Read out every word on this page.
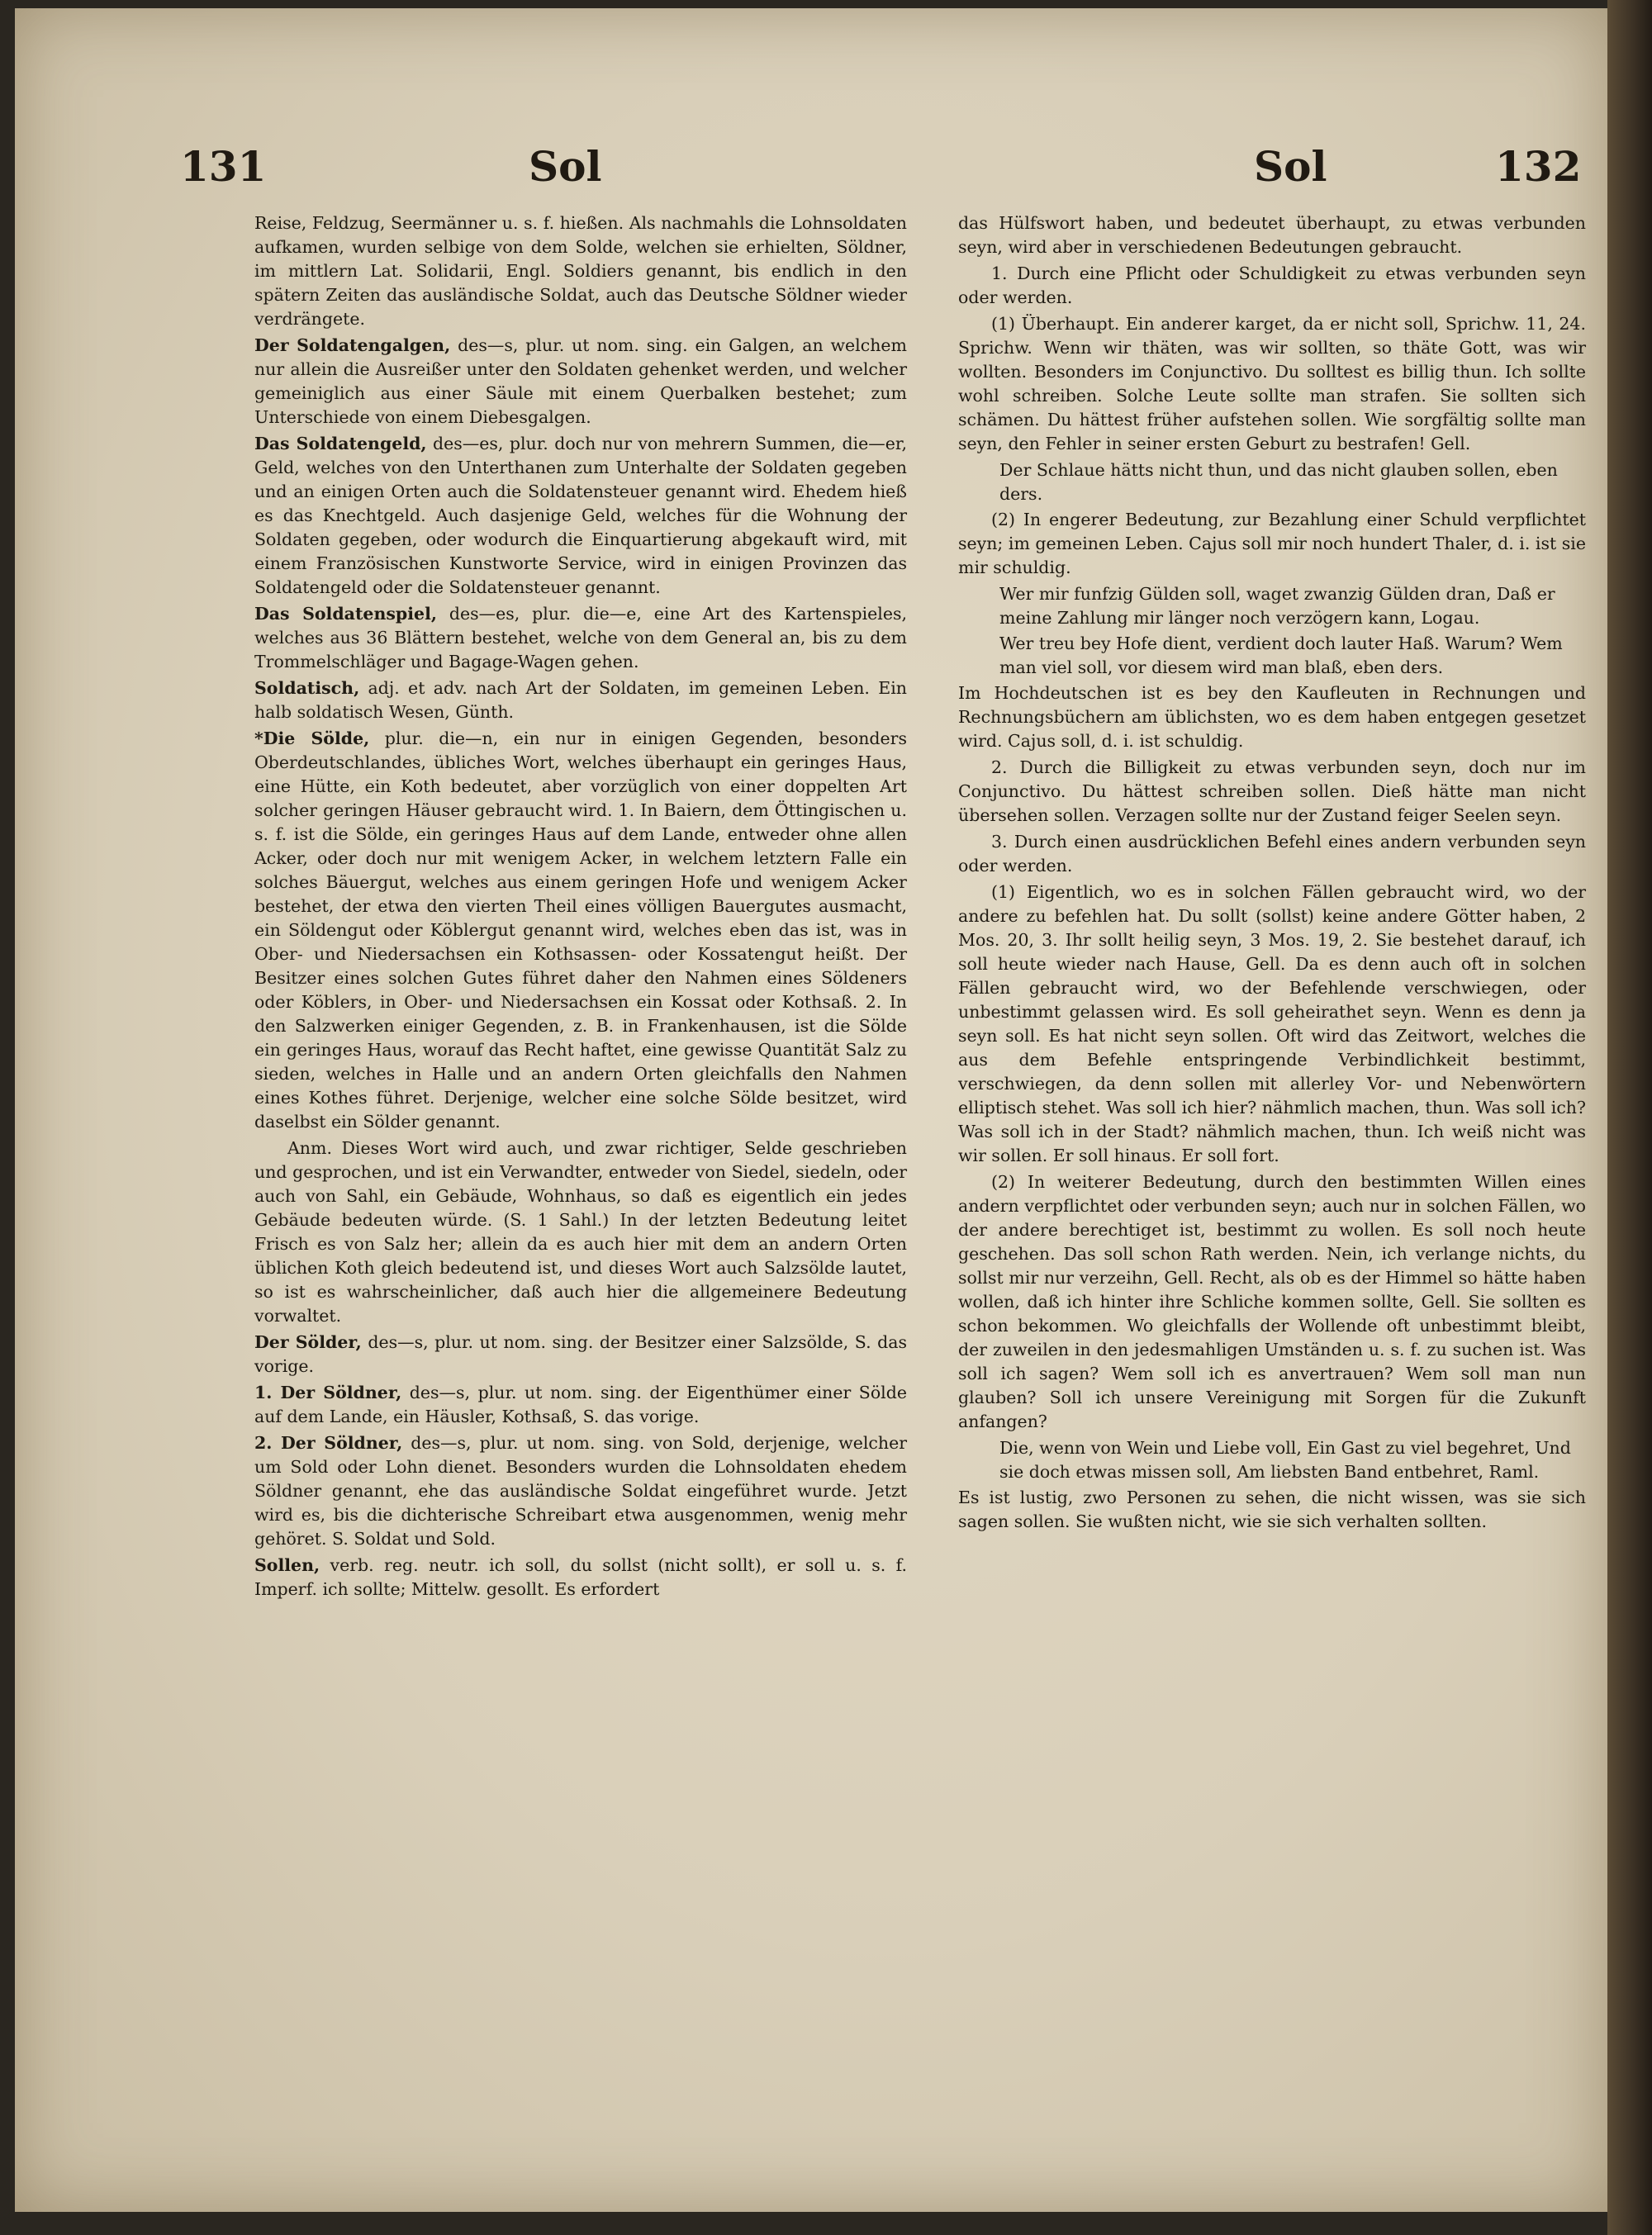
131	Sol	Sol	132

Reise, Feldzug, Seermänner u. s. f. hießen. Als nachmahls die Lohnsoldaten aufkamen, wurden selbige von dem Solde, welchen sie erhielten, Söldner, im mittlern Lat. Solidarii, Engl. Soldiers genannt, bis endlich in den spätern Zeiten das ausländische Soldat, auch das Deutsche Söldner wieder verdrängete.

Der Soldatengalgen, des—s, plur. ut nom. sing. ein Galgen, an welchem nur allein die Ausreißer unter den Soldaten gehenket werden, und welcher gemeiniglich aus einer Säule mit einem Querbalken bestehet; zum Unterschiede von einem Diebesgalgen.

Das Soldatengeld, des—es, plur. doch nur von mehrern Summen, die—er, Geld, welches von den Unterthanen zum Unterhalte der Soldaten gegeben und an einigen Orten auch die Soldatensteuer genannt wird. Ehedem hieß es das Knechtgeld. Auch dasjenige Geld, welches für die Wohnung der Soldaten gegeben, oder wodurch die Einquartierung abgekauft wird, mit einem Französischen Kunstworte Service, wird in einigen Provinzen das Soldatengeld oder die Soldatensteuer genannt.

Das Soldatenspiel, des—es, plur. die—e, eine Art des Kartenspieles, welches aus 36 Blättern bestehet, welche von dem General an, bis zu dem Trommelschläger und Bagage-Wagen gehen.

Soldatisch, adj. et adv. nach Art der Soldaten, im gemeinen Leben. Ein halb soldatisch Wesen, Günth.

*Die Sölde, plur. die—n, ein nur in einigen Gegenden, besonders Oberdeutschlandes, übliches Wort, welches überhaupt ein geringes Haus, eine Hütte, ein Koth bedeutet, aber vorzüglich von einer doppelten Art solcher geringen Häuser gebraucht wird. 1. In Baiern, dem Öttingischen u. s. f. ist die Sölde, ein geringes Haus auf dem Lande, entweder ohne allen Acker, oder doch nur mit wenigem Acker, in welchem letztern Falle ein solches Bäuergut, welches aus einem geringen Hofe und wenigem Acker bestehet, der etwa den vierten Theil eines völligen Bauergutes ausmacht, ein Söldengut oder Köblergut genannt wird, welches eben das ist, was in Ober- und Niedersachsen ein Kothsassen- oder Kossatengut heißt. Der Besitzer eines solchen Gutes führet daher den Nahmen eines Söldeners oder Köblers, in Ober- und Niedersachsen ein Kossat oder Kothsaß. 2. In den Salzwerken einiger Gegenden, z. B. in Frankenhausen, ist die Sölde ein geringes Haus, worauf das Recht haftet, eine gewisse Quantität Salz zu sieden, welches in Halle und an andern Orten gleichfalls den Nahmen eines Kothes führet. Derjenige, welcher eine solche Sölde besitzet, wird daselbst ein Sölder genannt.

Anm. Dieses Wort wird auch, und zwar richtiger, Selde geschrieben und gesprochen, und ist ein Verwandter, entweder von Siedel, siedeln, oder auch von Sahl, ein Gebäude, Wohnhaus, so daß es eigentlich ein jedes Gebäude bedeuten würde. (S. 1 Sahl.) In der letzten Bedeutung leitet Frisch es von Salz her; allein da es auch hier mit dem an andern Orten üblichen Koth gleich bedeutend ist, und dieses Wort auch Salzsölde lautet, so ist es wahrscheinlicher, daß auch hier die allgemeinere Bedeutung vorwaltet.

Der Sölder, des—s, plur. ut nom. sing. der Besitzer einer Salzsölde, S. das vorige.

1. Der Söldner, des—s, plur. ut nom. sing. der Eigenthümer einer Sölde auf dem Lande, ein Häusler, Kothsaß, S. das vorige.

2. Der Söldner, des—s, plur. ut nom. sing. von Sold, derjenige, welcher um Sold oder Lohn dienet. Besonders wurden die Lohnsoldaten ehedem Söldner genannt, ehe das ausländische Soldat eingeführet wurde. Jetzt wird es, bis die dichterische Schreibart etwa ausgenommen, wenig mehr gehöret. S. Soldat und Sold.

Sollen, verb. reg. neutr. ich soll, du sollst (nicht sollt), er soll u. s. f. Imperf. ich sollte; Mittelw. gesollt. Es erfordert

das Hülfswort haben, und bedeutet überhaupt, zu etwas verbunden seyn, wird aber in verschiedenen Bedeutungen gebraucht.

1. Durch eine Pflicht oder Schuldigkeit zu etwas verbunden seyn oder werden.

(1) Überhaupt. Ein anderer karget, da er nicht soll, Sprichw. 11, 24. Sprichw. Wenn wir thäten, was wir sollten, so thäte Gott, was wir wollten. Besonders im Conjunctivo. Du solltest es billig thun. Ich sollte wohl schreiben. Solche Leute sollte man strafen. Sie sollten sich schämen. Du hättest früher aufstehen sollen. Wie sorgfältig sollte man seyn, den Fehler in seiner ersten Geburt zu bestrafen! Gell.

Der Schlaue hätts nicht thun, und das nicht glauben sollen, eben ders.

(2) In engerer Bedeutung, zur Bezahlung einer Schuld verpflichtet seyn; im gemeinen Leben. Cajus soll mir noch hundert Thaler, d. i. ist sie mir schuldig.

Wer mir funfzig Gülden soll, waget zwanzig Gülden dran, Daß er meine Zahlung mir länger noch verzögern kann, Logau.

Wer treu bey Hofe dient, verdient doch lauter Haß. Warum? Wem man viel soll, vor diesem wird man blaß, eben ders.

Im Hochdeutschen ist es bey den Kaufleuten in Rechnungen und Rechnungsbüchern am üblichsten, wo es dem haben entgegen gesetzet wird. Cajus soll, d. i. ist schuldig.

2. Durch die Billigkeit zu etwas verbunden seyn, doch nur im Conjunctivo. Du hättest schreiben sollen. Dieß hätte man nicht übersehen sollen. Verzagen sollte nur der Zustand feiger Seelen seyn.

3. Durch einen ausdrücklichen Befehl eines andern verbunden seyn oder werden.

(1) Eigentlich, wo es in solchen Fällen gebraucht wird, wo der andere zu befehlen hat. Du sollt (sollst) keine andere Götter haben, 2 Mos. 20, 3. Ihr sollt heilig seyn, 3 Mos. 19, 2. Sie bestehet darauf, ich soll heute wieder nach Hause, Gell. Da es denn auch oft in solchen Fällen gebraucht wird, wo der Befehlende verschwiegen, oder unbestimmt gelassen wird. Es soll geheirathet seyn. Wenn es denn ja seyn soll. Es hat nicht seyn sollen. Oft wird das Zeitwort, welches die aus dem Befehle entspringende Verbindlichkeit bestimmt, verschwiegen, da denn sollen mit allerley Vor- und Nebenwörtern elliptisch stehet. Was soll ich hier? nähmlich machen, thun. Was soll ich? Was soll ich in der Stadt? nähmlich machen, thun. Ich weiß nicht was wir sollen. Er soll hinaus. Er soll fort.

(2) In weiterer Bedeutung, durch den bestimmten Willen eines andern verpflichtet oder verbunden seyn; auch nur in solchen Fällen, wo der andere berechtiget ist, bestimmt zu wollen. Es soll noch heute geschehen. Das soll schon Rath werden. Nein, ich verlange nichts, du sollst mir nur verzeihn, Gell. Recht, als ob es der Himmel so hätte haben wollen, daß ich hinter ihre Schliche kommen sollte, Gell. Sie sollten es schon bekommen. Wo gleichfalls der Wollende oft unbestimmt bleibt, der zuweilen in den jedesmahligen Umständen u. s. f. zu suchen ist. Was soll ich sagen? Wem soll ich es anvertrauen? Wem soll man nun glauben? Soll ich unsere Vereinigung mit Sorgen für die Zukunft anfangen?

Die, wenn von Wein und Liebe voll, Ein Gast zu viel begehret, Und sie doch etwas missen soll, Am liebsten Band entbehret, Raml.

Es ist lustig, zwo Personen zu sehen, die nicht wissen, was sie sich sagen sollen. Sie wußten nicht, wie sie sich verhalten sollten.
